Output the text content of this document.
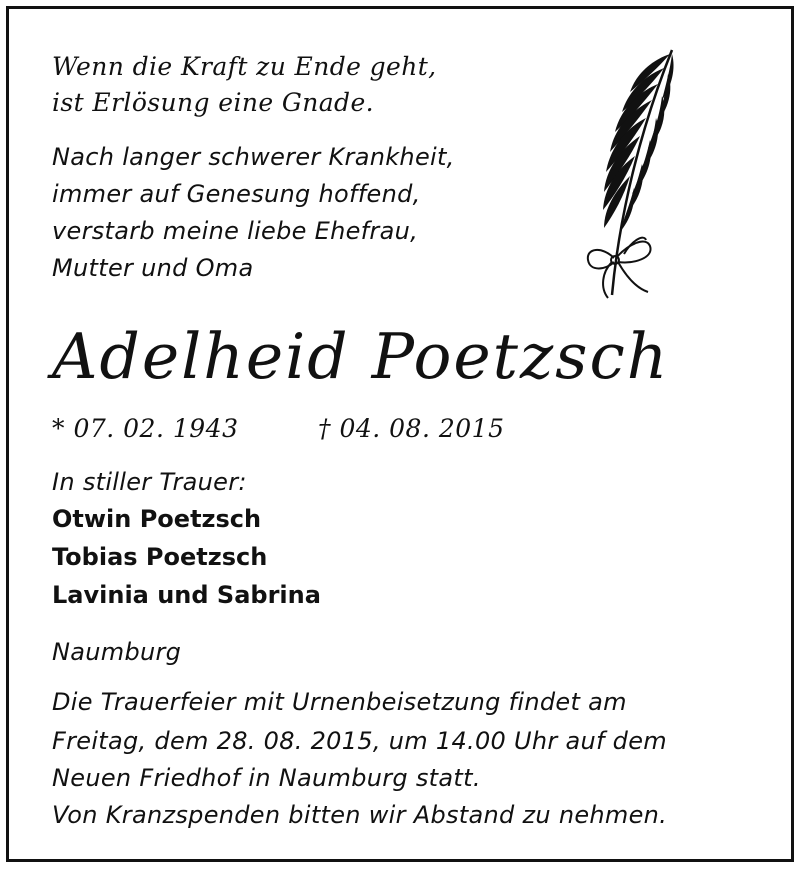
Wenn die Kraft zu Ende geht,

ist Erlösung eine Gnade.

Nach langer schwerer Krankheit,

immer auf Genesung hoffend,

verstarb meine liebe Ehefrau,

Mutter und Oma

Adelheid Poetzsch

* 07. 02. 1943	† 04. 08. 2015

In stiller Trauer:

Otwin Poetzsch

Tobias Poetzsch

Lavinia und Sabrina

Naumburg

Die Trauerfeier mit Urnenbeisetzung findet am

Freitag, dem 28. 08. 2015, um 14.00 Uhr auf dem

Neuen Friedhof in Naumburg statt.

Von Kranzspenden bitten wir Abstand zu nehmen.
